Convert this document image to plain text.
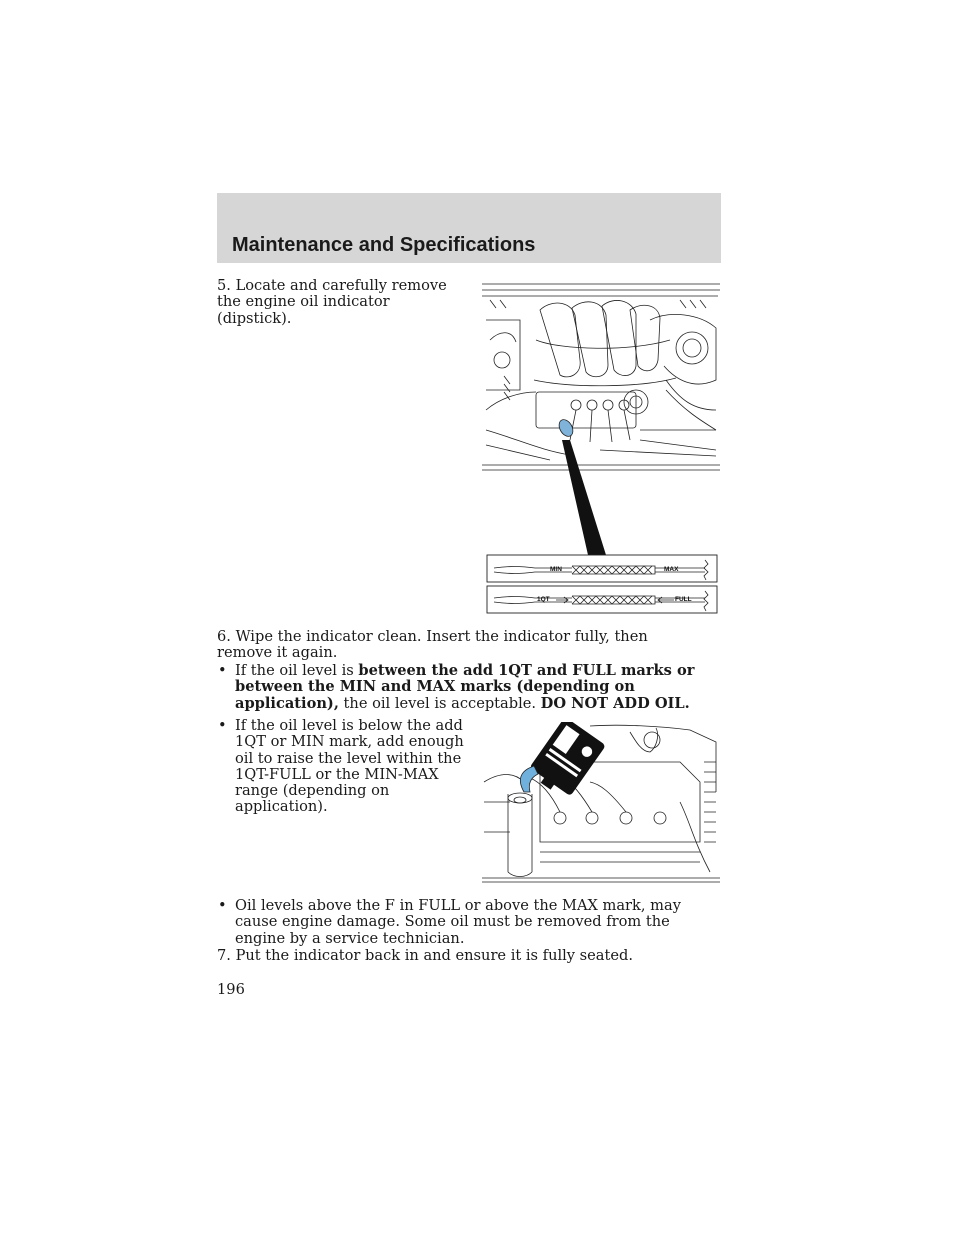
Maintenance and Specifications

5. Locate and carefully remove the engine oil indicator (dipstick).

MIN	MAX
1QT	FULL

6. Wipe the indicator clean. Insert the indicator fully, then remove it again.

• If the oil level is between the add 1QT and FULL marks or between the MIN and MAX marks (depending on application), the oil level is acceptable. DO NOT ADD OIL.

• If the oil level is below the add 1QT or MIN mark, add enough oil to raise the level within the 1QT-FULL or the MIN-MAX range (depending on application).

• Oil levels above the F in FULL or above the MAX mark, may cause engine damage. Some oil must be removed from the engine by a service technician.

7. Put the indicator back in and ensure it is fully seated.

196
